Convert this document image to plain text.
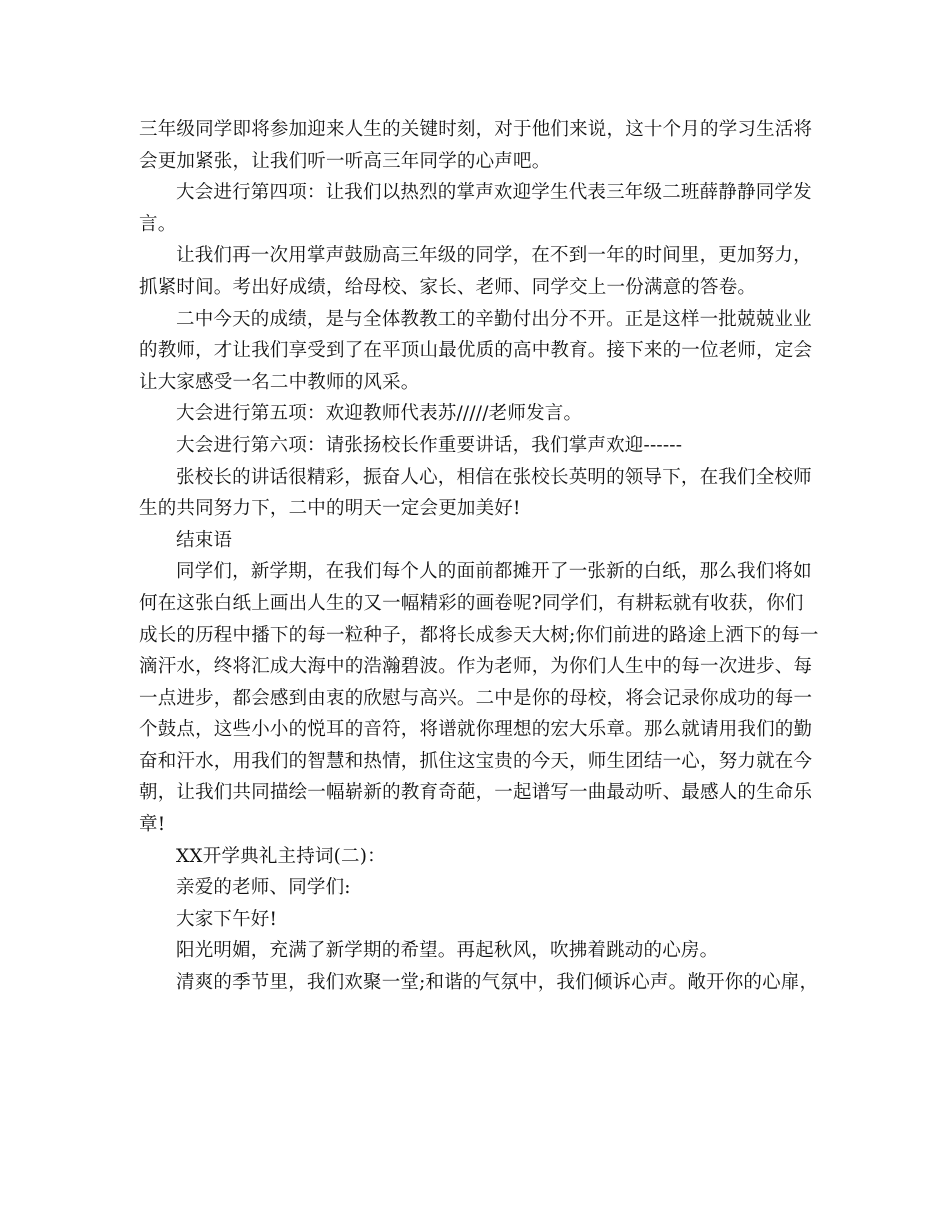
三年级同学即将参加迎来人生的关键时刻，对于他们来说，这十个月的学习生活将会更加紧张，让我们听一听高三年同学的心声吧。

大会进行第四项：让我们以热烈的掌声欢迎学生代表三年级二班薛静静同学发言。

让我们再一次用掌声鼓励高三年级的同学，在不到一年的时间里，更加努力，抓紧时间。考出好成绩，给母校、家长、老师、同学交上一份满意的答卷。

二中今天的成绩，是与全体教教工的辛勤付出分不开。正是这样一批兢兢业业的教师，才让我们享受到了在平顶山最优质的高中教育。接下来的一位老师，定会让大家感受一名二中教师的风采。

大会进行第五项：欢迎教师代表苏/////老师发言。

大会进行第六项：请张扬校长作重要讲话，我们掌声欢迎------

张校长的讲话很精彩，振奋人心，相信在张校长英明的领导下，在我们全校师生的共同努力下，二中的明天一定会更加美好!

结束语

同学们，新学期，在我们每个人的面前都摊开了一张新的白纸，那么我们将如何在这张白纸上画出人生的又一幅精彩的画卷呢?同学们，有耕耘就有收获，你们成长的历程中播下的每一粒种子，都将长成参天大树;你们前进的路途上洒下的每一滴汗水，终将汇成大海中的浩瀚碧波。作为老师，为你们人生中的每一次进步、每一点进步，都会感到由衷的欣慰与高兴。二中是你的母校，将会记录你成功的每一个鼓点，这些小小的悦耳的音符，将谱就你理想的宏大乐章。那么就请用我们的勤奋和汗水，用我们的智慧和热情，抓住这宝贵的今天，师生团结一心，努力就在今朝，让我们共同描绘一幅崭新的教育奇葩，一起谱写一曲最动听、最感人的生命乐章!

XX开学典礼主持词(二)：

亲爱的老师、同学们:

大家下午好!

阳光明媚，充满了新学期的希望。再起秋风，吹拂着跳动的心房。

清爽的季节里，我们欢聚一堂;和谐的气氛中，我们倾诉心声。敞开你的心扉，
